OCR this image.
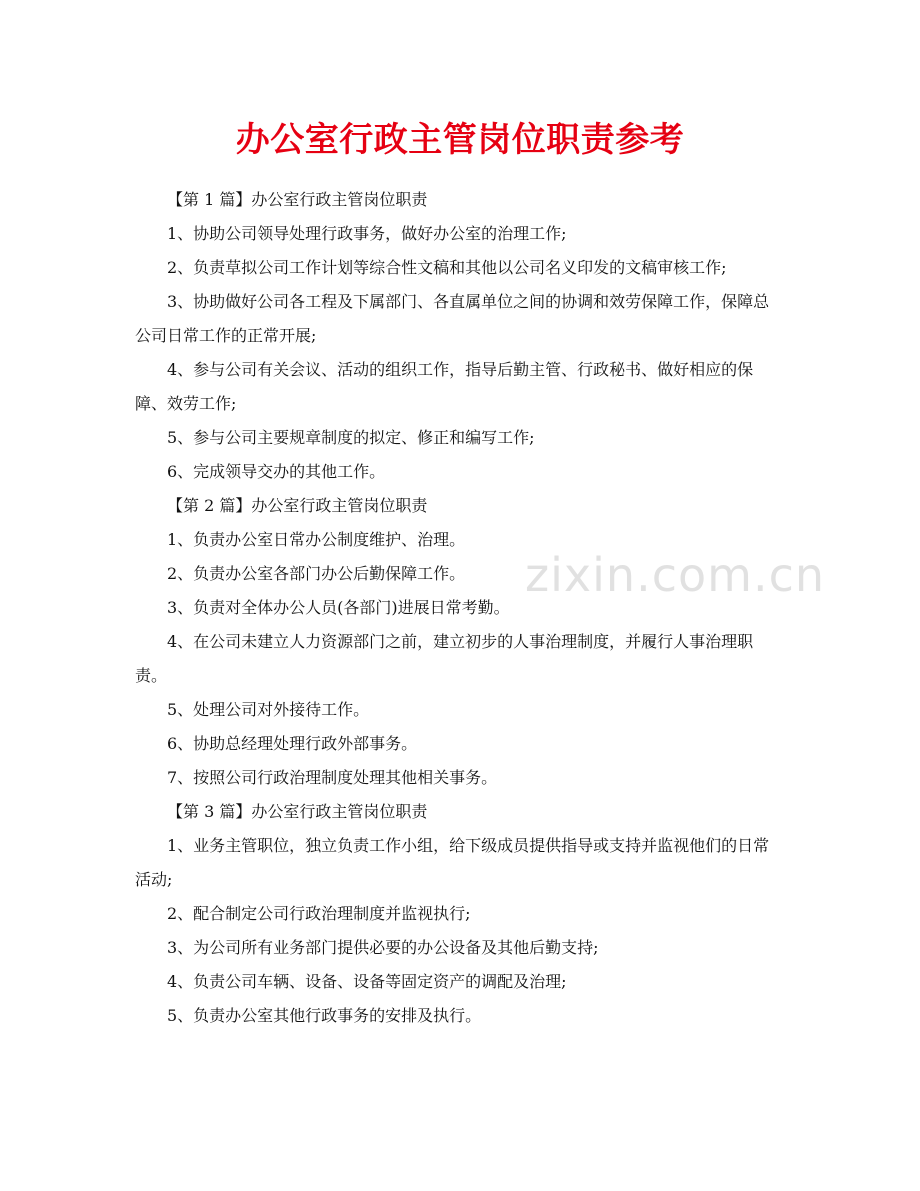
办公室行政主管岗位职责参考

【第 1 篇】办公室行政主管岗位职责

1、协助公司领导处理行政事务，做好办公室的治理工作;

2、负责草拟公司工作计划等综合性文稿和其他以公司名义印发的文稿审核工作;

3、协助做好公司各工程及下属部门、各直属单位之间的协调和效劳保障工作，保障总公司日常工作的正常开展;

4、参与公司有关会议、活动的组织工作，指导后勤主管、行政秘书、做好相应的保障、效劳工作;

5、参与公司主要规章制度的拟定、修正和编写工作;

6、完成领导交办的其他工作。

【第 2 篇】办公室行政主管岗位职责

1、负责办公室日常办公制度维护、治理。

2、负责办公室各部门办公后勤保障工作。

3、负责对全体办公人员(各部门)进展日常考勤。

4、在公司未建立人力资源部门之前，建立初步的人事治理制度，并履行人事治理职责。

5、处理公司对外接待工作。

6、协助总经理处理行政外部事务。

7、按照公司行政治理制度处理其他相关事务。

【第 3 篇】办公室行政主管岗位职责

1、业务主管职位，独立负责工作小组，给下级成员提供指导或支持并监视他们的日常活动;

2、配合制定公司行政治理制度并监视执行;

3、为公司所有业务部门提供必要的办公设备及其他后勤支持;

4、负责公司车辆、设备、设备等固定资产的调配及治理;

5、负责办公室其他行政事务的安排及执行。

zixin.com.cn
